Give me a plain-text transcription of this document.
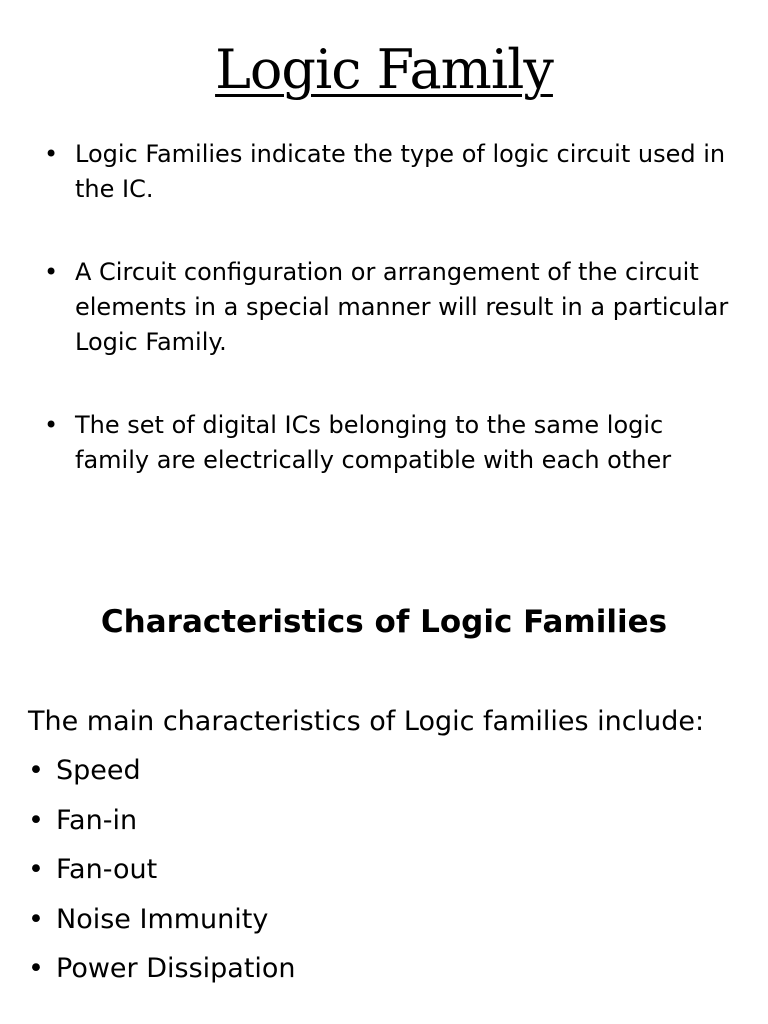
Logic Family
• Logic Families indicate the type of logic circuit used in the IC.
• A Circuit configuration or arrangement of the circuit elements in a special manner will result in a particular Logic Family.
• The set of digital ICs belonging to the same logic family are electrically compatible with each other
Characteristics of Logic Families

The main characteristics of Logic families include:

• Speed
• Fan-in
• Fan-out
• Noise Immunity
• Power Dissipation
